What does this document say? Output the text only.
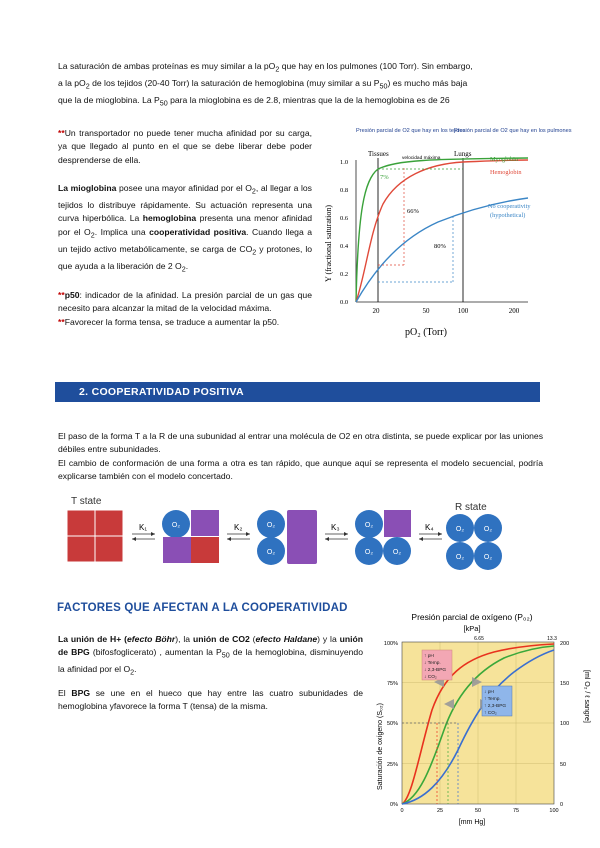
La saturación de ambas proteínas es muy similar a la $pO_2$ que hay en los pulmones (100 Torr). Sin embargo,
a la $pO_2$ de los tejidos (20-40 Torr) la saturación de hemoglobina (muy similar a su $P_{50}$) es mucho más baja
que la de mioglobina. La $P_{50}$ para la mioglobina es de 2.8, mientras que la de la hemoglobina es de 26
**Un transportador no puede tener mucha afinidad por su carga, ya que llegado al punto en el que se debe liberar debe poder desprenderse de ella.
La mioglobina posee una mayor afinidad por el $O_2$, al llegar a los tejidos lo distribuye rápidamente. Su actuación representa una curva hiperbólica. La hemoglobina presenta una menor afinidad por el $O_2$. Implica una cooperatividad positiva. Cuando llega a un tejido activo metabólicamente, se carga de $CO_2$ y protones, lo que ayuda a la liberación de 2 $O_2$.
**p50: indicador de la afinidad. La presión parcial de un gas que necesito para alcanzar la mitad de la velocidad máxima.
**Favorecer la forma tensa, se traduce a aumentar la p50.
Presión parcial de O2 que hay en los tejidos
Presión parcial de O2 que hay en los pulmones
Tissues	Lungs
velocidad máxima
1.0
0.8
0.6
0.4
0.2
0.0
20	50	100	200
7%
66%
80%
Myoglobin
Hemoglobin
No cooperativity
(hypothetical)
Y (fractional saturation)
pO₂ (Torr)
2. COOPERATIVIDAD POSITIVA
El paso de la forma T a la R de una subunidad al entrar una molécula de O2 en otra distinta, se puede explicar por las uniones débiles entre subunidades.
El cambio de conformación de una forma a otra es tan rápido, que aunque aquí se representa el modelo secuencial, podría explicarse también con el modelo concertado.
T state
R state
K₁	O₂	K₂	O₂
O₂
K₃	O₂
O₂	O₂
K₄	O₂	O₂
O₂	O₂
FACTORES QUE AFECTAN A LA COOPERATIVIDAD
La unión de H+ (efecto Böhr), la unión de CO2 (efecto Haldane) y la unión de BPG (bifosfoglicerato) , aumentan la $P_{50}$ de la hemoglobina, disminuyendo la afinidad por el $O_2$.
El BPG se une en el hueco que hay entre las cuatro subunidades de hemoglobina yfavorece la forma T (tensa) de la misma.
Presión parcial de oxígeno (P₀₂)
[kPa]
6.65	13.3
↑ pH
↓ Temp.
↓ 2,3-BPG
↓ CO₂
↓ pH
↑ Temp.
↑ 2,3-BPG
↑ CO₂
100%
75%
50%
25%
0%
200
150
100
50
0
0	25	50	75	100
Saturación de oxígeno (S₀₂)
[ml O₂ / ℓ sangre]
[mm Hg]
